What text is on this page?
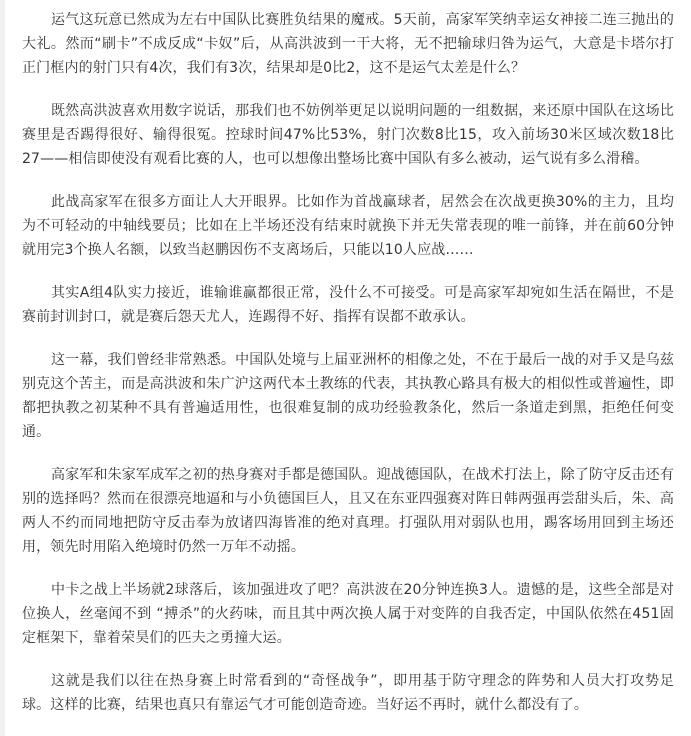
运气这玩意已然成为左右中国队比赛胜负结果的魔戒。5天前，高家军笑纳幸运女神接二连三抛出的大礼。然而“刷卡”不成反成“卡奴”后，从高洪波到一干大将，无不把输球归咎为运气，大意是卡塔尔打正门框内的射门只有4次，我们有3次，结果却是0比2，这不是运气太差是什么？

既然高洪波喜欢用数字说话，那我们也不妨例举更足以说明问题的一组数据，来还原中国队在这场比赛里是否踢得很好、输得很冤。控球时间47%比53%，射门次数8比15，攻入前场30米区域次数18比27——相信即使没有观看比赛的人，也可以想像出整场比赛中国队有多么被动，运气说有多么滑稽。

此战高家军在很多方面让人大开眼界。比如作为首战赢球者，居然会在次战更换30%的主力，且均为不可轻动的中轴线要员；比如在上半场还没有结束时就换下并无失常表现的唯一前锋，并在前60分钟就用完3个换人名额，以致当赵鹏因伤不支离场后，只能以10人应战……

其实A组4队实力接近，谁输谁赢都很正常，没什么不可接受。可是高家军却宛如生活在隔世，不是赛前封训封口，就是赛后怨天尤人，连踢得不好、指挥有误都不敢承认。

这一幕，我们曾经非常熟悉。中国队处境与上届亚洲杯的相像之处，不在于最后一战的对手又是乌兹别克这个苦主，而是高洪波和朱广沪这两代本土教练的代表，其执教心路具有极大的相似性或普遍性，即都把执教之初某种不具有普遍适用性，也很难复制的成功经验教条化，然后一条道走到黑，拒绝任何变通。

高家军和朱家军成军之初的热身赛对手都是德国队。迎战德国队，在战术打法上，除了防守反击还有别的选择吗？然而在很漂亮地逼和与小负德国巨人，且又在东亚四强赛对阵日韩两强再尝甜头后，朱、高两人不约而同地把防守反击奉为放诸四海皆准的绝对真理。打强队用对弱队也用，踢客场用回到主场还用，领先时用陷入绝境时仍然一万年不动摇。

中卡之战上半场就2球落后，该加强进攻了吧？高洪波在20分钟连换3人。遗憾的是，这些全部是对位换人，丝毫闻不到 “搏杀”的火药味，而且其中两次换人属于对变阵的自我否定，中国队依然在451固定框架下，靠着荣昊们的匹夫之勇撞大运。

这就是我们以往在热身赛上时常看到的“奇怪战争”，即用基于防守理念的阵势和人员大打攻势足球。这样的比赛，结果也真只有靠运气才可能创造奇迹。当好运不再时，就什么都没有了。
